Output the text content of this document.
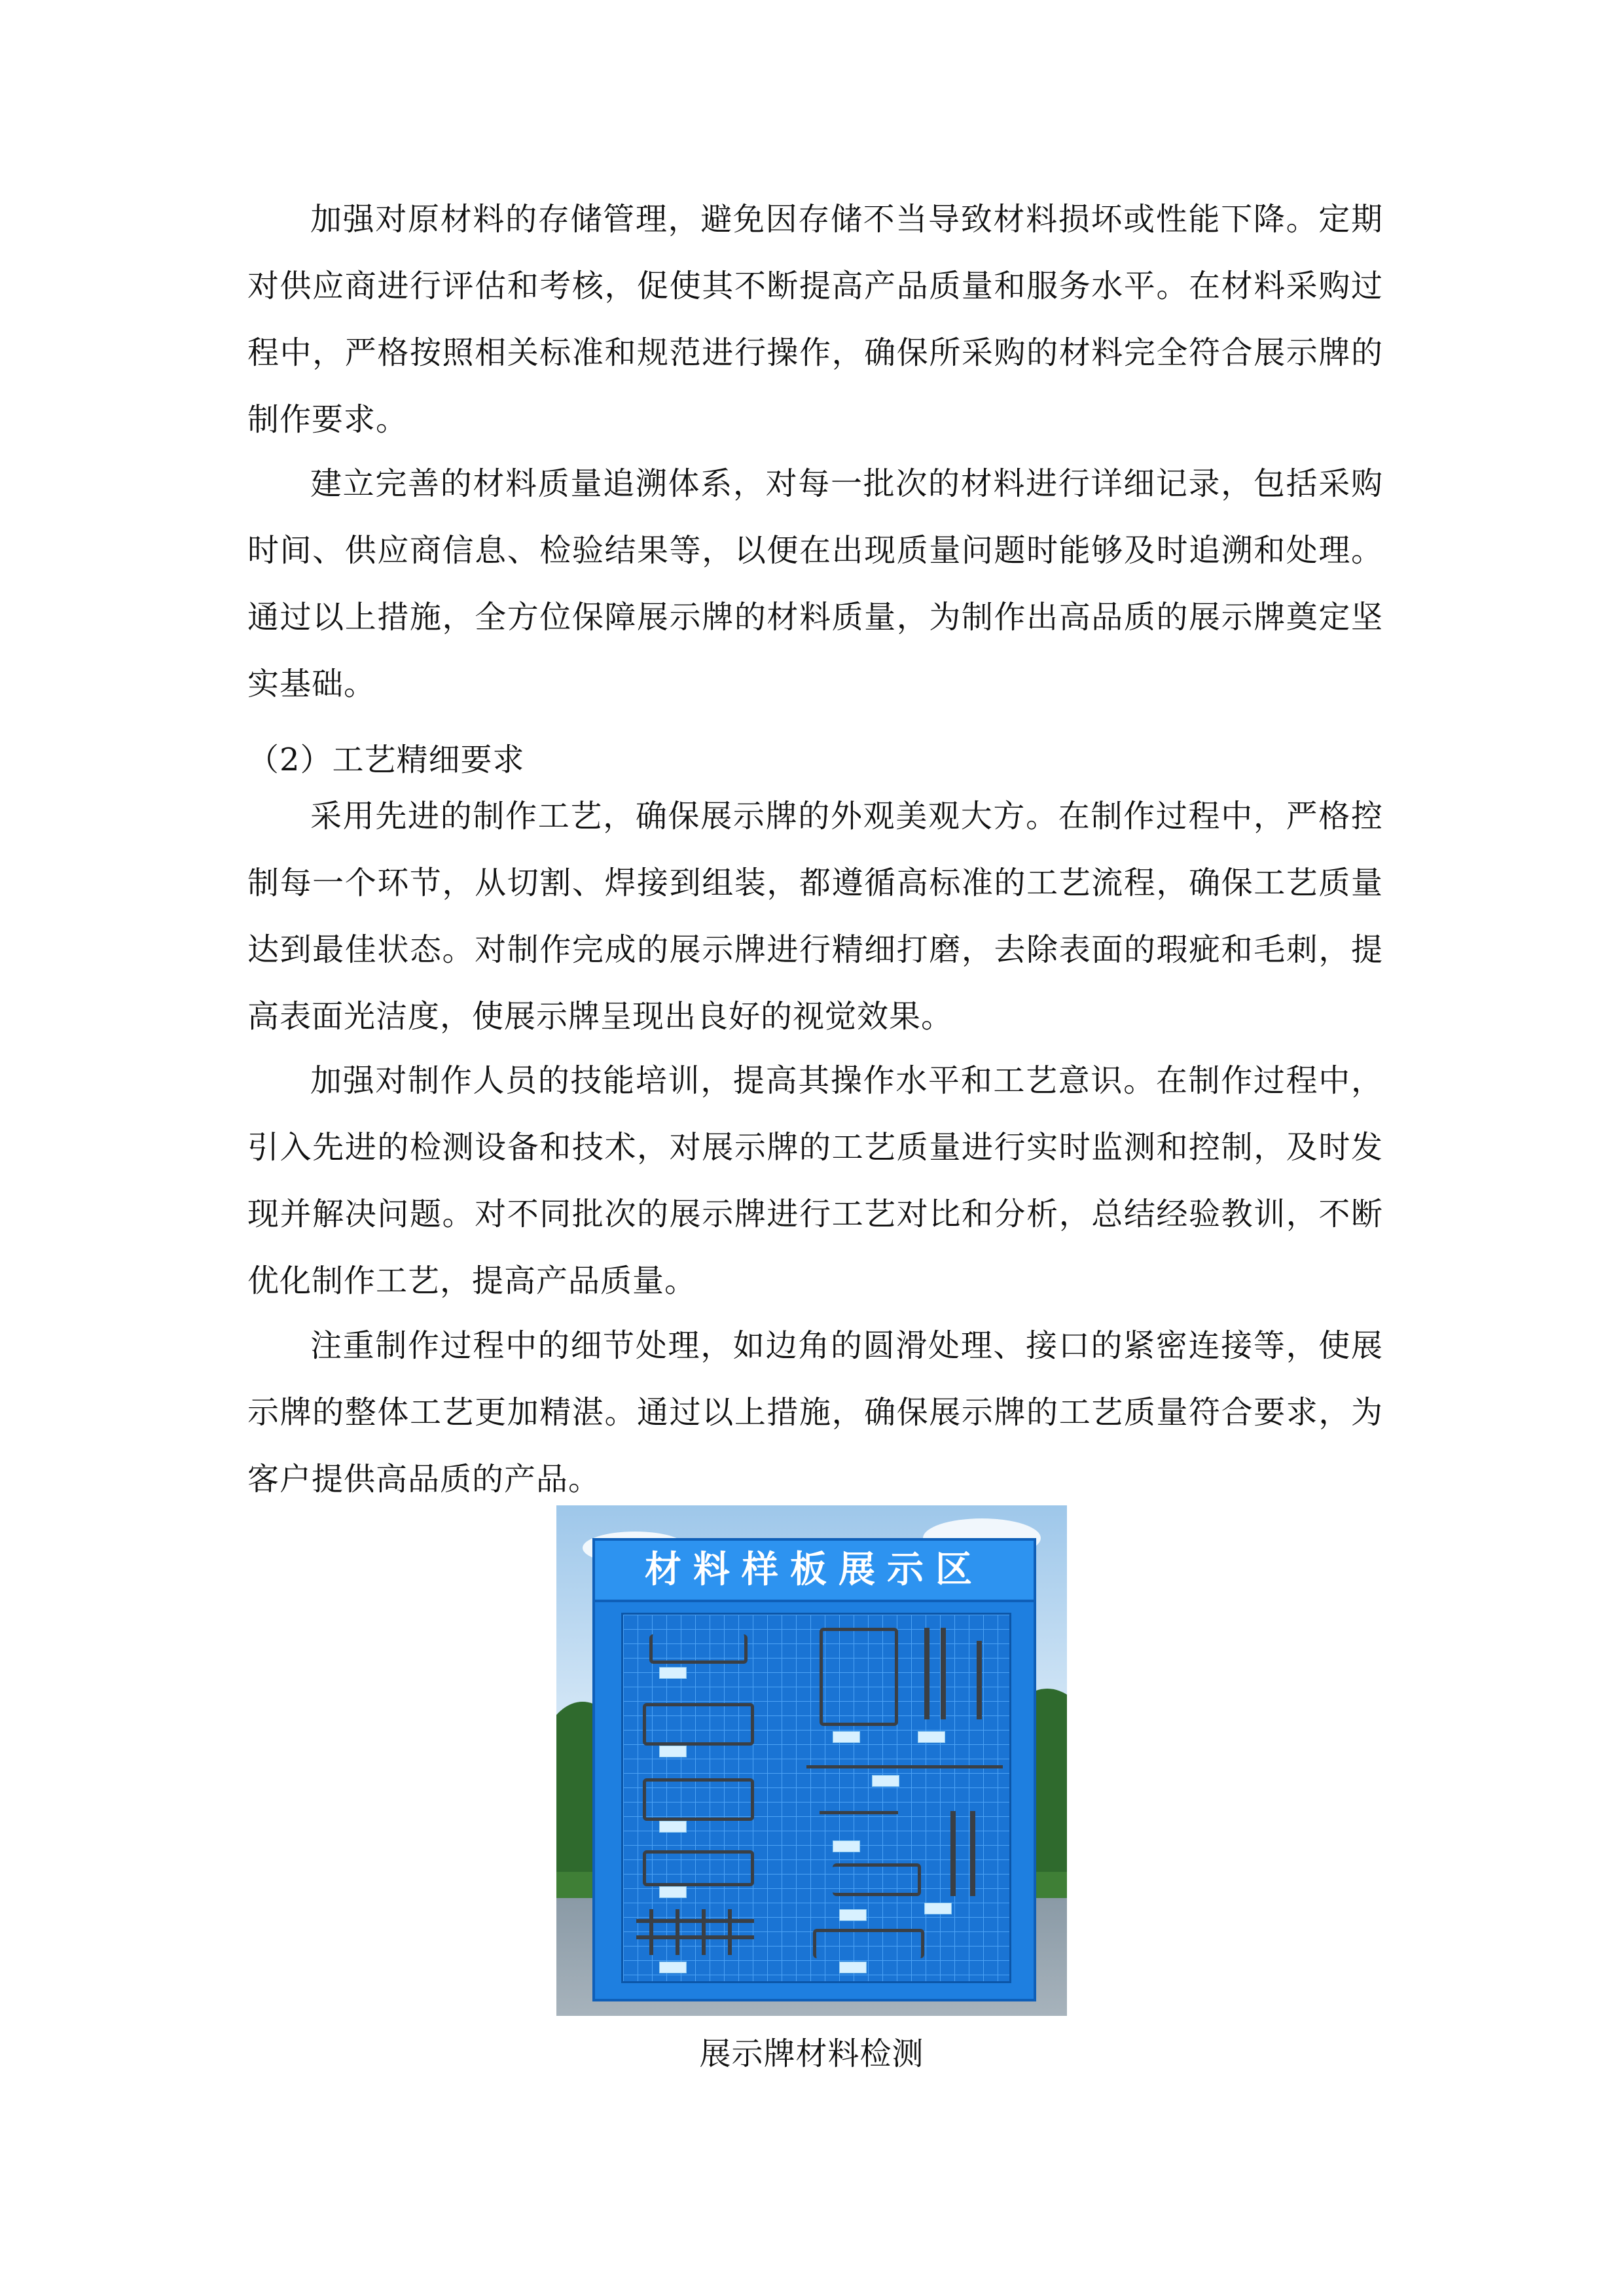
加强对原材料的存储管理，避免因存储不当导致材料损坏或性能下降。定期对供应商进行评估和考核，促使其不断提高产品质量和服务水平。在材料采购过程中，严格按照相关标准和规范进行操作，确保所采购的材料完全符合展示牌的制作要求。

建立完善的材料质量追溯体系，对每一批次的材料进行详细记录，包括采购时间、供应商信息、检验结果等，以便在出现质量问题时能够及时追溯和处理。通过以上措施，全方位保障展示牌的材料质量，为制作出高品质的展示牌奠定坚实基础。

（2）工艺精细要求

采用先进的制作工艺，确保展示牌的外观美观大方。在制作过程中，严格控制每一个环节，从切割、焊接到组装，都遵循高标准的工艺流程，确保工艺质量达到最佳状态。对制作完成的展示牌进行精细打磨，去除表面的瑕疵和毛刺，提高表面光洁度，使展示牌呈现出良好的视觉效果。

加强对制作人员的技能培训，提高其操作水平和工艺意识。在制作过程中，引入先进的检测设备和技术，对展示牌的工艺质量进行实时监测和控制，及时发现并解决问题。对不同批次的展示牌进行工艺对比和分析，总结经验教训，不断优化制作工艺，提高产品质量。

注重制作过程中的细节处理，如边角的圆滑处理、接口的紧密连接等，使展示牌的整体工艺更加精湛。通过以上措施，确保展示牌的工艺质量符合要求，为客户提供高品质的产品。

材料样板展示区

展示牌材料检测
